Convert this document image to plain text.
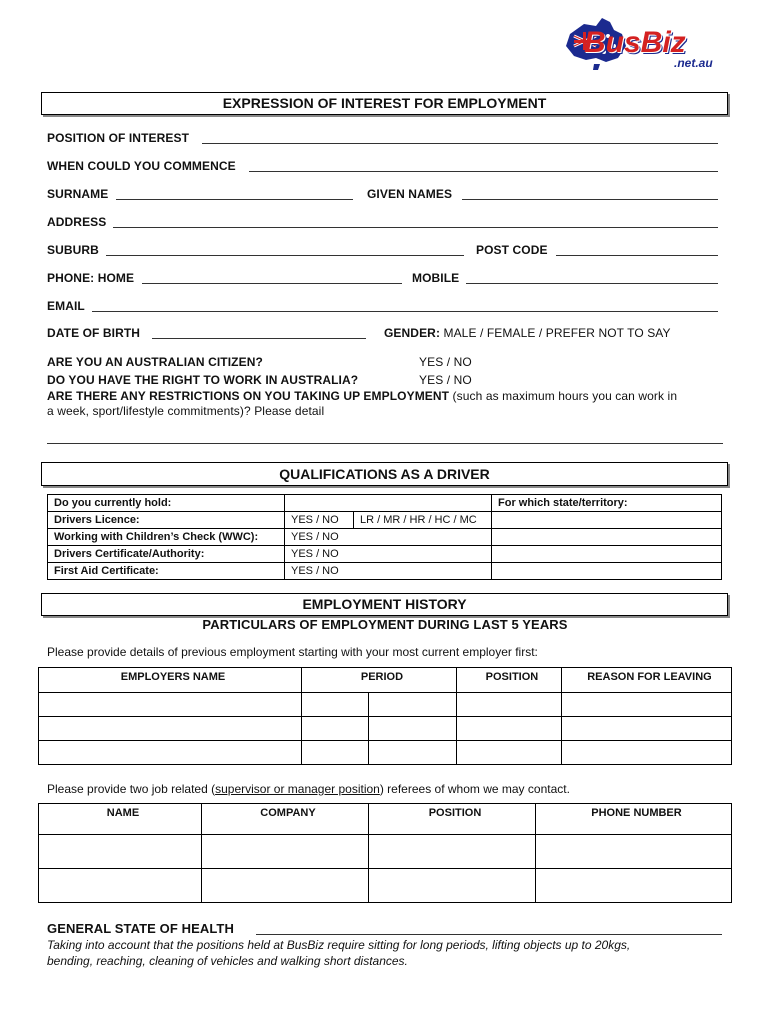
BusBiz
.net.au
EXPRESSION OF INTEREST FOR EMPLOYMENT
POSITION OF INTEREST
WHEN COULD YOU COMMENCE
SURNAME	GIVEN NAMES
ADDRESS
SUBURB	POST CODE
PHONE: HOME	MOBILE
EMAIL
DATE OF BIRTH	GENDER: MALE / FEMALE / PREFER NOT TO SAY
ARE YOU AN AUSTRALIAN CITIZEN?	YES / NO
DO YOU HAVE THE RIGHT TO WORK IN AUSTRALIA?	YES / NO
ARE THERE ANY RESTRICTIONS ON YOU TAKING UP EMPLOYMENT (such as maximum hours you can work in
a week, sport/lifestyle commitments)? Please detail
QUALIFICATIONS AS A DRIVER
Do you currently hold:			For which state/territory:
Drivers Licence:	YES / NO	LR / MR / HR / HC / MC	
Working with Children’s Check (WWC):	YES / NO		
Drivers Certificate/Authority:	YES / NO		
First Aid Certificate:	YES / NO		
EMPLOYMENT HISTORY
PARTICULARS OF EMPLOYMENT DURING LAST 5 YEARS
Please provide details of previous employment starting with your most current employer first:
EMPLOYERS NAME	PERIOD		POSITION	REASON FOR LEAVING

Please provide two job related (supervisor or manager position) referees of whom we may contact.
NAME	COMPANY	POSITION	PHONE NUMBER

GENERAL STATE OF HEALTH
Taking into account that the positions held at BusBiz require sitting for long periods, lifting objects up to 20kgs,
bending, reaching, cleaning of vehicles and walking short distances.
